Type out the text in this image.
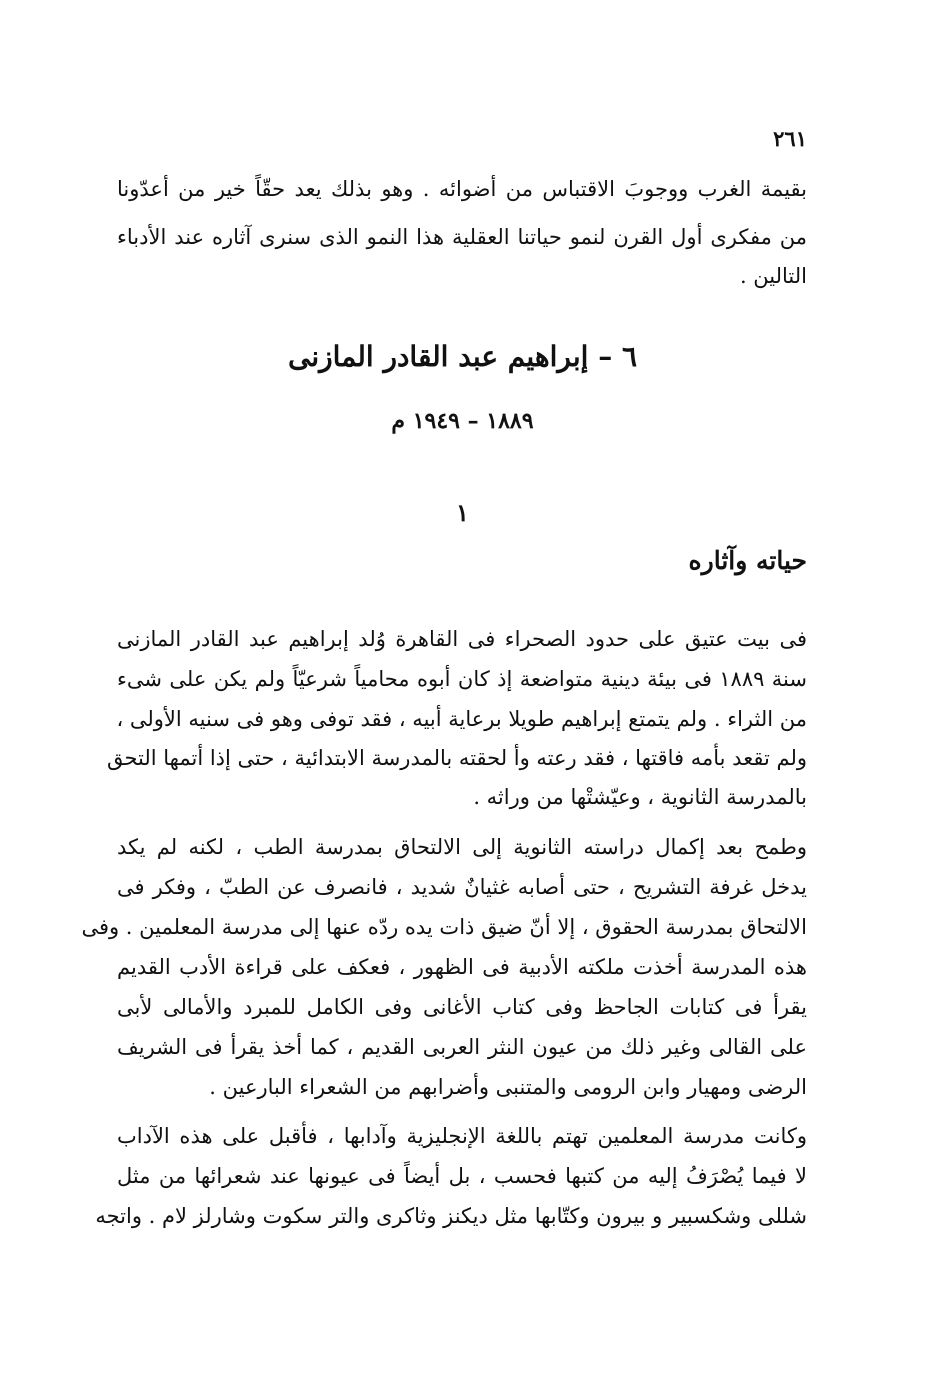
٢٦١
بقيمة الغرب ووجوبَ الاقتباس من أضوائه . وهو بذلك يعد حقّاً خير من أعدّونا
من مفكرى أول القرن لنمو حياتنا العقلية هذا النمو الذى سنرى آثاره عند الأدباء
التالين .
٦ – إبراهيم عبد القادر المازنى
١٨٨٩ – ١٩٤٩ م
١
حياته وآثاره
فى بيت عتيق على حدود الصحراء فى القاهرة وُلد إبراهيم عبد القادر المازنى
سنة ١٨٨٩ فى بيئة دينية متواضعة إذ كان أبوه محامياً شرعيّاً ولم يكن على شىء
من الثراء . ولم يتمتع إبراهيم طويلا برعاية أبيه ، فقد توفى وهو فى سنيه الأولى ،
ولم تقعد بأمه فاقتها ، فقد رعته وأ لحقته بالمدرسة الابتدائية ، حتى إذا أتمها التحق
بالمدرسة الثانوية ، وعيّشتْها من وراثه .
وطمح بعد إكمال دراسته الثانوية إلى الالتحاق بمدرسة الطب ، لكنه لم يكد
يدخل غرفة التشريح ، حتى أصابه غثيانٌ شديد ، فانصرف عن الطبّ ، وفكر فى
الالتحاق بمدرسة الحقوق ، إلا أنّ ضيق ذات يده ردّه عنها إلى مدرسة المعلمين . وفى
هذه المدرسة أخذت ملكته الأدبية فى الظهور ، فعكف على قراءة الأدب القديم
يقرأ فى كتابات الجاحظ وفى كتاب الأغانى وفى الكامل للمبرد والأمالى لأبى
على القالى وغير ذلك من عيون النثر العربى القديم ، كما أخذ يقرأ فى الشريف
الرضى ومهيار وابن الرومى والمتنبى وأضرابهم من الشعراء البارعين .
وكانت مدرسة المعلمين تهتم باللغة الإنجليزية وآدابها ، فأقبل على هذه الآداب
لا فيما يُصْرَفُ إليه من كتبها فحسب ، بل أيضاً فى عيونها عند شعرائها من مثل
شللى وشكسبير و بيرون وكتّابها مثل ديكنز وثاكرى والتر سكوت وشارلز لام . واتجه
